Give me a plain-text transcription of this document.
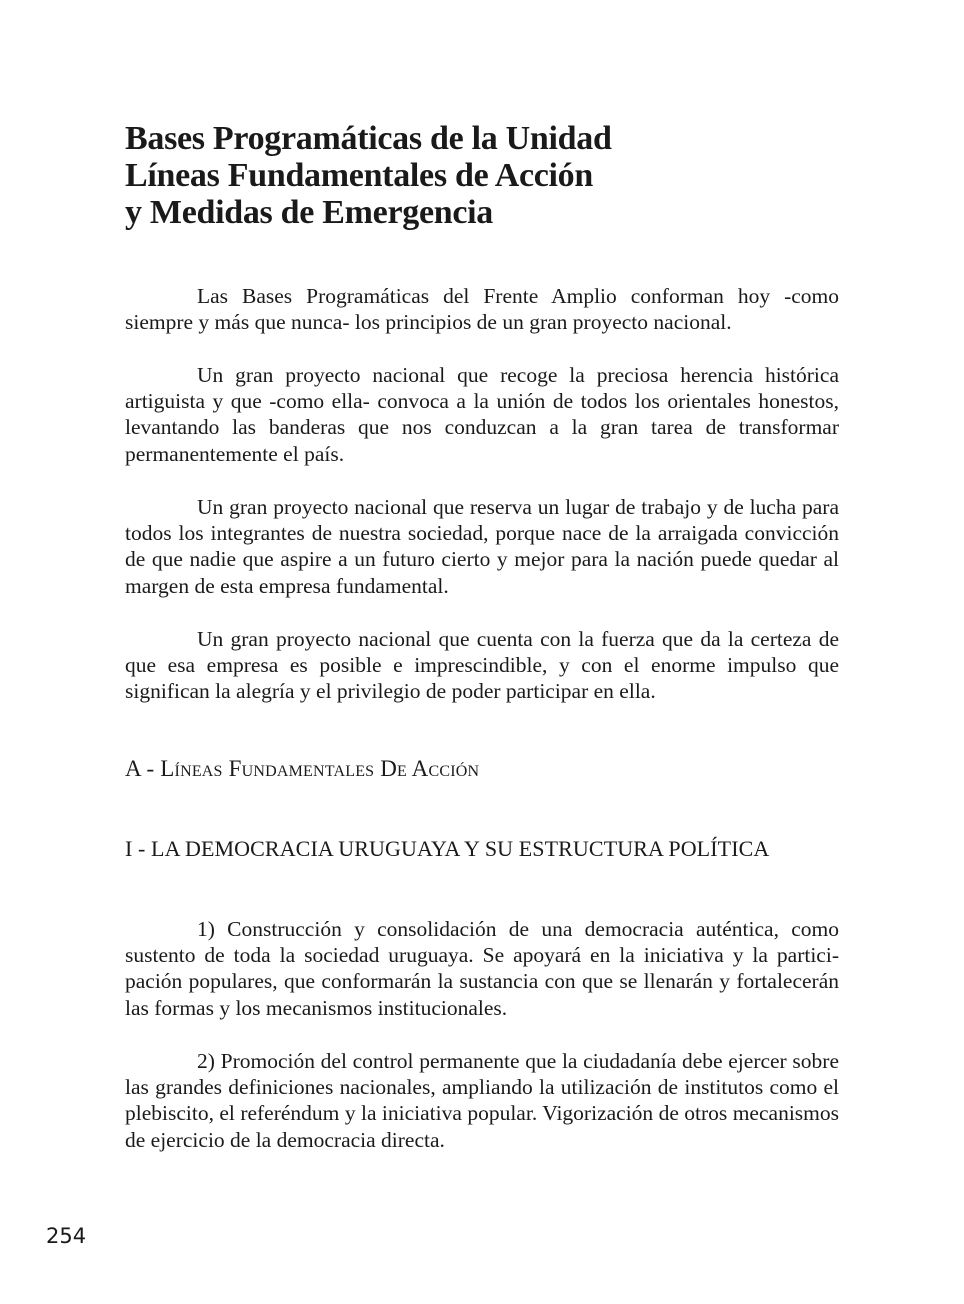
Bases Programáticas de la Unidad
Líneas Fundamentales de Acción
y Medidas de Emergencia

Las Bases Programáticas del Frente Amplio conforman hoy -como siempre y más que nunca- los principios de un gran proyecto nacional.

Un gran proyecto nacional que recoge la preciosa herencia histórica artiguista y que -como ella- convoca a la unión de todos los orientales honestos, levantando las banderas que nos conduzcan a la gran tarea de transformar permanentemente el país.

Un gran proyecto nacional que reserva un lugar de trabajo y de lucha para todos los integrantes de nuestra sociedad, porque nace de la arraigada convicción de que nadie que aspire a un futuro cierto y mejor para la nación puede quedar al margen de esta empresa fundamental.

Un gran proyecto nacional que cuenta con la fuerza que da la certeza de que esa empresa es posible e imprescindible, y con el enorme impulso que significan la alegría y el privilegio de poder participar en ella.

A - Líneas Fundamentales De Acción
I - LA DEMOCRACIA URUGUAYA Y SU ESTRUCTURA POLÍTICA

1) Construcción y consolidación de una democracia auténtica, como sustento de toda la sociedad uruguaya. Se apoyará en la iniciativa y la participación populares, que conformarán la sustancia con que se llenarán y fortalecerán las formas y los mecanismos institucionales.

2) Promoción del control permanente que la ciudadanía debe ejercer sobre las grandes definiciones nacionales, ampliando la utilización de institutos como el plebiscito, el referéndum y la iniciativa popular. Vigorización de otros mecanismos de ejercicio de la democracia directa.

254
